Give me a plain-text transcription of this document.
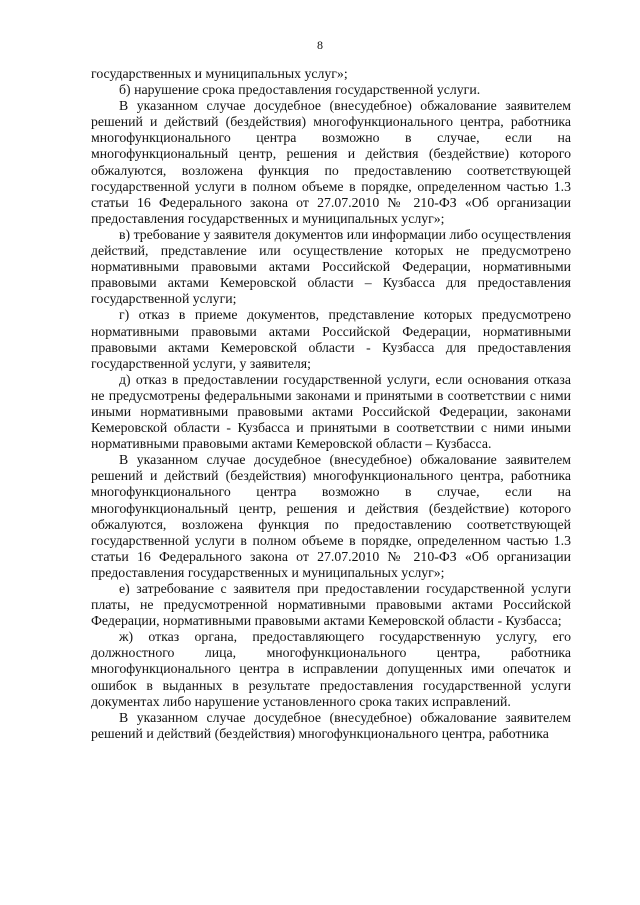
8

государственных и муниципальных услуг»;

б) нарушение срока предоставления государственной услуги.

В указанном случае досудебное (внесудебное) обжалование заявителем решений и действий (бездействия) многофункционального центра, работника многофункционального центра возможно в случае, если на многофункциональный центр, решения и действия (бездействие) которого обжалуются, возложена функция по предоставлению соответствующей государственной услуги в полном объеме в порядке, определенном частью 1.3 статьи 16 Федерального закона от 27.07.2010 № 210-ФЗ «Об организации предоставления государственных и муниципальных услуг»;

в) требование у заявителя документов или информации либо осуществления действий, представление или осуществление которых не предусмотрено нормативными правовыми актами Российской Федерации, нормативными правовыми актами Кемеровской области – Кузбасса для предоставления государственной услуги;

г) отказ в приеме документов, представление которых предусмотрено нормативными правовыми актами Российской Федерации, нормативными правовыми актами Кемеровской области - Кузбасса для предоставления государственной услуги, у заявителя;

д) отказ в предоставлении государственной услуги, если основания отказа не предусмотрены федеральными законами и принятыми в соответствии с ними иными нормативными правовыми актами Российской Федерации, законами Кемеровской области - Кузбасса и принятыми в соответствии с ними иными нормативными правовыми актами Кемеровской области – Кузбасса.

В указанном случае досудебное (внесудебное) обжалование заявителем решений и действий (бездействия) многофункционального центра, работника многофункционального центра возможно в случае, если на многофункциональный центр, решения и действия (бездействие) которого обжалуются, возложена функция по предоставлению соответствующей государственной услуги в полном объеме в порядке, определенном частью 1.3 статьи 16 Федерального закона от 27.07.2010 № 210-ФЗ «Об организации предоставления государственных и муниципальных услуг»;

е) затребование с заявителя при предоставлении государственной услуги платы, не предусмотренной нормативными правовыми актами Российской Федерации, нормативными правовыми актами Кемеровской области - Кузбасса;

ж) отказ органа, предоставляющего государственную услугу, его должностного лица, многофункционального центра, работника многофункционального центра в исправлении допущенных ими опечаток и ошибок в выданных в результате предоставления государственной услуги документах либо нарушение установленного срока таких исправлений.

В указанном случае досудебное (внесудебное) обжалование заявителем решений и действий (бездействия) многофункционального центра, работника
